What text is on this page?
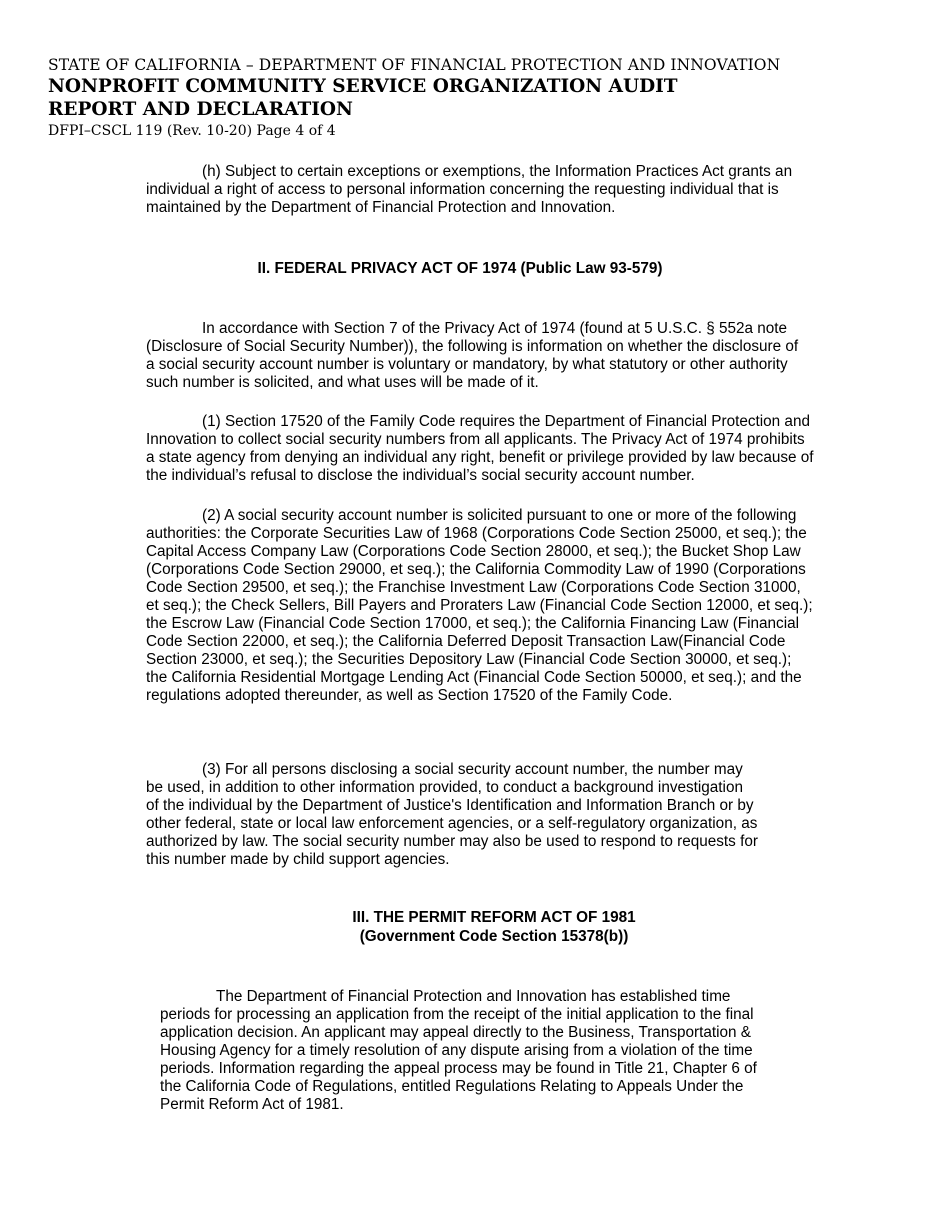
STATE OF CALIFORNIA – DEPARTMENT OF FINANCIAL PROTECTION AND INNOVATION
NONPROFIT COMMUNITY SERVICE ORGANIZATION AUDIT REPORT AND DECLARATION
DFPI–CSCL 119 (Rev. 10-20) Page 4 of 4

(h) Subject to certain exceptions or exemptions, the Information Practices Act grants an individual a right of access to personal information concerning the requesting individual that is maintained by the Department of Financial Protection and Innovation.

II. FEDERAL PRIVACY ACT OF 1974 (Public Law 93-579)

In accordance with Section 7 of the Privacy Act of 1974 (found at 5 U.S.C. § 552a note (Disclosure of Social Security Number)), the following is information on whether the disclosure of a social security account number is voluntary or mandatory, by what statutory or other authority such number is solicited, and what uses will be made of it.

(1) Section 17520 of the Family Code requires the Department of Financial Protection and Innovation to collect social security numbers from all applicants. The Privacy Act of 1974 prohibits a state agency from denying an individual any right, benefit or privilege provided by law because of the individual’s refusal to disclose the individual’s social security account number.

(2) A social security account number is solicited pursuant to one or more of the following authorities: the Corporate Securities Law of 1968 (Corporations Code Section 25000, et seq.); the Capital Access Company Law (Corporations Code Section 28000, et seq.); the Bucket Shop Law (Corporations Code Section 29000, et seq.); the California Commodity Law of 1990 (Corporations Code Section 29500, et seq.); the Franchise Investment Law (Corporations Code Section 31000, et seq.); the Check Sellers, Bill Payers and Proraters Law (Financial Code Section 12000, et seq.); the Escrow Law (Financial Code Section 17000, et seq.); the California Financing Law (Financial Code Section 22000, et seq.); the California Deferred Deposit Transaction Law(Financial Code Section 23000, et seq.); the Securities Depository Law (Financial Code Section 30000, et seq.); the California Residential Mortgage Lending Act (Financial Code Section 50000, et seq.); and the regulations adopted thereunder, as well as Section 17520 of the Family Code.

(3) For all persons disclosing a social security account number, the number may be used, in addition to other information provided, to conduct a background investigation of the individual by the Department of Justice's Identification and Information Branch or by other federal, state or local law enforcement agencies, or a self-regulatory organization, as authorized by law. The social security number may also be used to respond to requests for this number made by child support agencies.

III. THE PERMIT REFORM ACT OF 1981
(Government Code Section 15378(b))

The Department of Financial Protection and Innovation has established time periods for processing an application from the receipt of the initial application to the final application decision. An applicant may appeal directly to the Business, Transportation & Housing Agency for a timely resolution of any dispute arising from a violation of the time periods. Information regarding the appeal process may be found in Title 21, Chapter 6 of the California Code of Regulations, entitled Regulations Relating to Appeals Under the Permit Reform Act of 1981.
